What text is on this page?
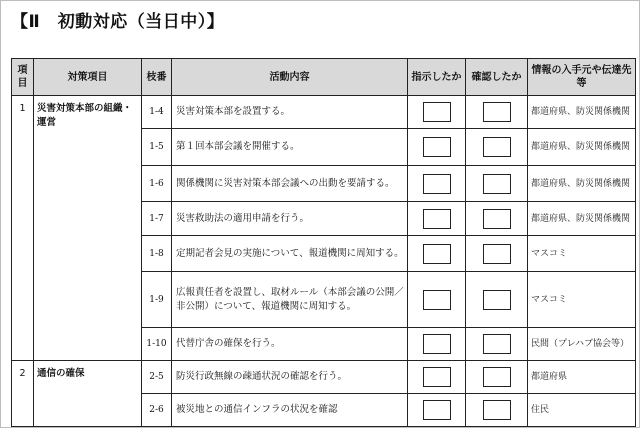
【Ⅱ　初動対応（当日中）】
項目	対策項目	枝番	活動内容	指示したか	確認したか	情報の入手元や伝達先等
1	災害対策本部の組織・運営	1-4	災害対策本部を設置する。			都道府県、防災関係機関
		1-5	第１回本部会議を開催する。			都道府県、防災関係機関
		1-6	関係機関に災害対策本部会議への出動を要請する。			都道府県、防災関係機関
		1-7	災害救助法の適用申請を行う。			都道府県、防災関係機関
		1-8	定期記者会見の実施について、報道機関に周知する。			マスコミ
		1-9	広報責任者を設置し、取材ルール（本部会議の公開／非公開）について、報道機関に周知する。			マスコミ
		1-10	代替庁舎の確保を行う。			民間（プレハブ協会等）
2	通信の確保	2-5	防災行政無線の疎通状況の確認を行う。			都道府県
		2-6	被災地との通信インフラの状況を確認			住民
